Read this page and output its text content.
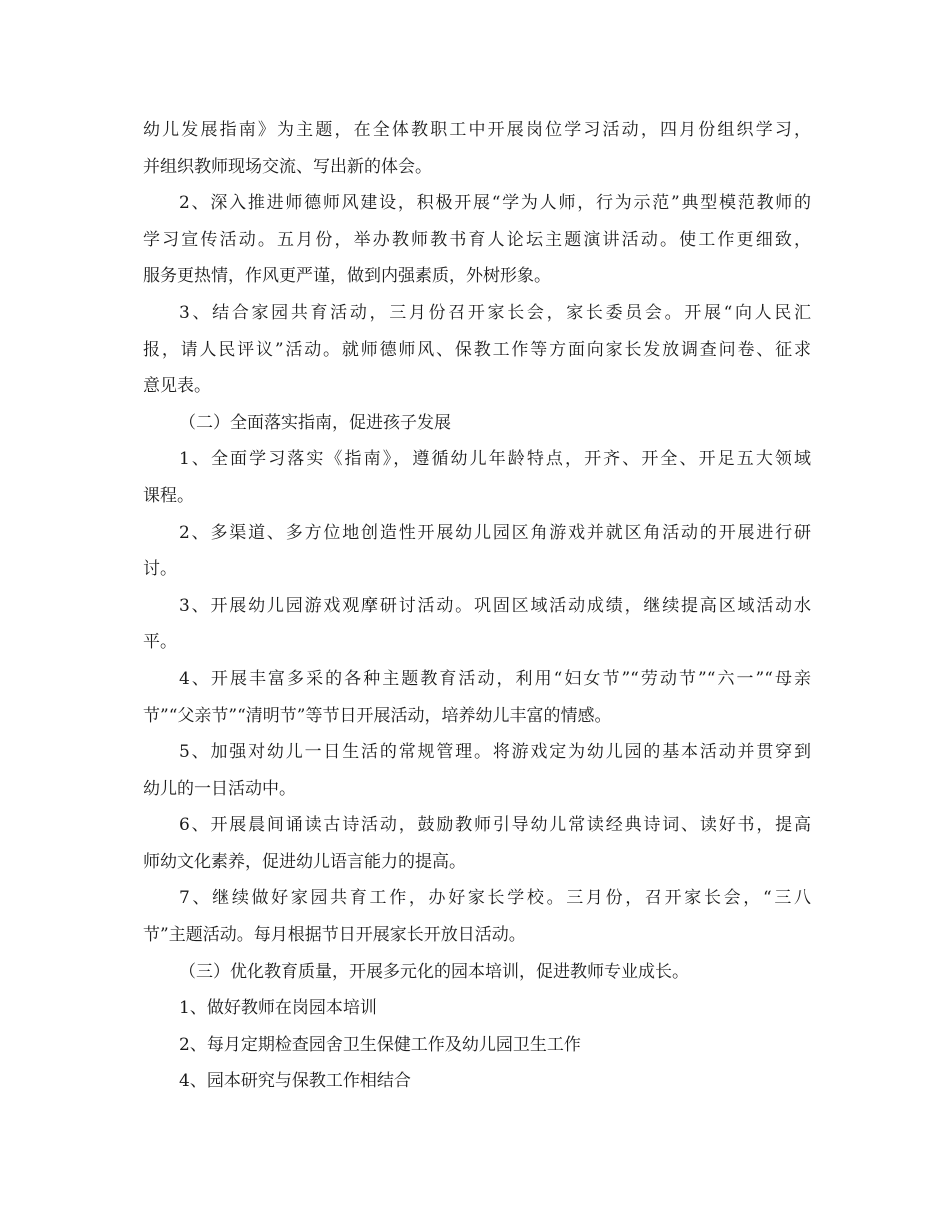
幼儿发展指南》为主题，在全体教职工中开展岗位学习活动，四月份组织学习，
并组织教师现场交流、写出新的体会。
2、深入推进师德师风建设，积极开展“学为人师，行为示范”典型模范教师的
学习宣传活动。五月份，举办教师教书育人论坛主题演讲活动。使工作更细致，
服务更热情，作风更严谨，做到内强素质，外树形象。
3、结合家园共育活动，三月份召开家长会，家长委员会。开展“向人民汇
报，请人民评议”活动。就师德师风、保教工作等方面向家长发放调查问卷、征求
意见表。
（二）全面落实指南，促进孩子发展
1、全面学习落实《指南》，遵循幼儿年龄特点，开齐、开全、开足五大领域
课程。
2、多渠道、多方位地创造性开展幼儿园区角游戏并就区角活动的开展进行研
讨。
3、开展幼儿园游戏观摩研讨活动。巩固区域活动成绩，继续提高区域活动水
平。
4、开展丰富多采的各种主题教育活动，利用“妇女节”“劳动节”“六一”“母亲
节”“父亲节”“清明节”等节日开展活动，培养幼儿丰富的情感。
5、加强对幼儿一日生活的常规管理。将游戏定为幼儿园的基本活动并贯穿到
幼儿的一日活动中。
6、开展晨间诵读古诗活动，鼓励教师引导幼儿常读经典诗词、读好书，提高
师幼文化素养，促进幼儿语言能力的提高。
7、继续做好家园共育工作，办好家长学校。三月份，召开家长会，“三八
节”主题活动。每月根据节日开展家长开放日活动。
（三）优化教育质量，开展多元化的园本培训，促进教师专业成长。
1、做好教师在岗园本培训
2、每月定期检查园舍卫生保健工作及幼儿园卫生工作
4、园本研究与保教工作相结合
